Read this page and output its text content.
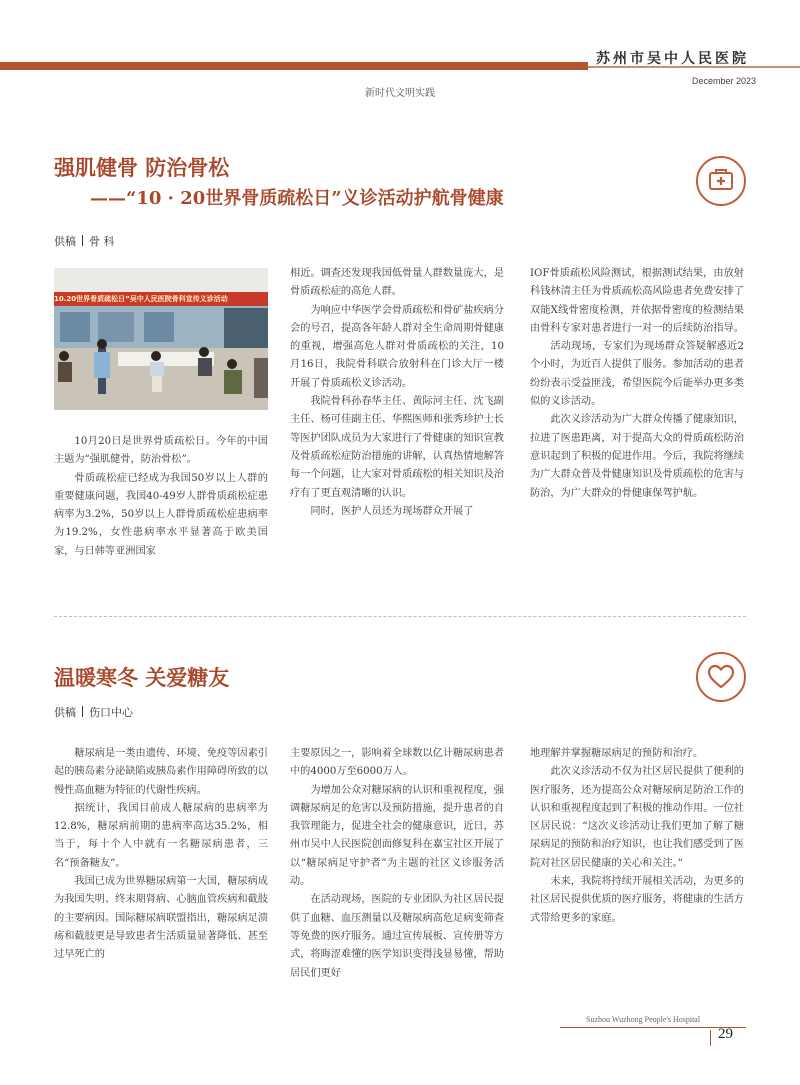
苏州市吴中人民医院
December 2023
新时代文明实践
强肌健骨 防治骨松
——“10 · 20世界骨质疏松日”义诊活动护航骨健康
供稿 骨 科
10.20世界骨质疏松日”吴中人民医院骨科宣传义诊活动

10月20日是世界骨质疏松日。今年的中国主题为“强肌健骨，防治骨松”。

骨质疏松症已经成为我国50岁以上人群的重要健康问题，我国40-49岁人群骨质疏松症患病率为3.2%，50岁以上人群骨质疏松症患病率为19.2%，女性患病率水平显著高于欧美国家，与日韩等亚洲国家

相近。调查还发现我国低骨量人群数量庞大，是骨质疏松症的高危人群。

为响应中华医学会骨质疏松和骨矿盐疾病分会的号召，提高各年龄人群对全生命周期骨健康的重视，增强高危人群对骨质疏松的关注，10月16日，我院骨科联合放射科在门诊大厅一楼开展了骨质疏松义诊活动。

我院骨科孙春华主任、黄际河主任、沈飞副主任、杨可佳副主任、华熙医师和张秀珍护士长等医护团队成员为大家进行了骨健康的知识宣教及骨质疏松症防治措施的讲解，认真热情地解答每一个问题，让大家对骨质疏松的相关知识及治疗有了更直观清晰的认识。

同时，医护人员还为现场群众开展了

IOF骨质疏松风险测试，根据测试结果，由放射科钱林清主任为骨质疏松高风险患者免费安排了双能X线骨密度检测，并依据骨密度的检测结果由骨科专家对患者进行一对一的后续防治指导。

活动现场，专家们为现场群众答疑解惑近2个小时，为近百人提供了服务。参加活动的患者纷纷表示受益匪浅，希望医院今后能举办更多类似的义诊活动。

此次义诊活动为广大群众传播了健康知识，拉进了医患距离，对于提高大众的骨质疏松防治意识起到了积极的促进作用。今后，我院将继续为广大群众普及骨健康知识及骨质疏松的危害与防治，为广大群众的骨健康保驾护航。

温暖寒冬 关爱糖友
供稿 伤口中心

糖尿病是一类由遗传、环境、免疫等因素引起的胰岛素分泌缺陷或胰岛素作用障碍所致的以慢性高血糖为特征的代谢性疾病。

据统计，我国目前成人糖尿病的患病率为12.8%，糖尿病前期的患病率高达35.2%，相当于，每十个人中就有一名糖尿病患者，三名“预备糖友”。

我国已成为世界糖尿病第一大国，糖尿病成为我国失明、终末期肾病、心脑血管疾病和截肢的主要病因。国际糖尿病联盟指出，糖尿病足溃疡和截肢更是导致患者生活质量显著降低、甚至过早死亡的

主要原因之一，影响着全球数以亿计糖尿病患者中的4000万至6000万人。

为增加公众对糖尿病的认识和重视程度，强调糖尿病足的危害以及预防措施，提升患者的自我管理能力，促进全社会的健康意识，近日，苏州市吴中人民医院创面修复科在嘉宝社区开展了以“糖尿病足守护者”为主题的社区义诊服务活动。

在活动现场，医院的专业团队为社区居民提供了血糖、血压测量以及糖尿病高危足病变筛查等免费的医疗服务。通过宣传展板、宣传册等方式，将晦涩难懂的医学知识变得浅显易懂，帮助居民们更好

地理解并掌握糖尿病足的预防和治疗。

此次义诊活动不仅为社区居民提供了便利的医疗服务，还为提高公众对糖尿病足防治工作的认识和重视程度起到了积极的推动作用。一位社区居民说：“这次义诊活动让我们更加了解了糖尿病足的预防和治疗知识，也让我们感受到了医院对社区居民健康的关心和关注。”

未来，我院将持续开展相关活动，为更多的社区居民提供优质的医疗服务，将健康的生活方式带给更多的家庭。

Suzhou Wuzhong People's Hospital
29
